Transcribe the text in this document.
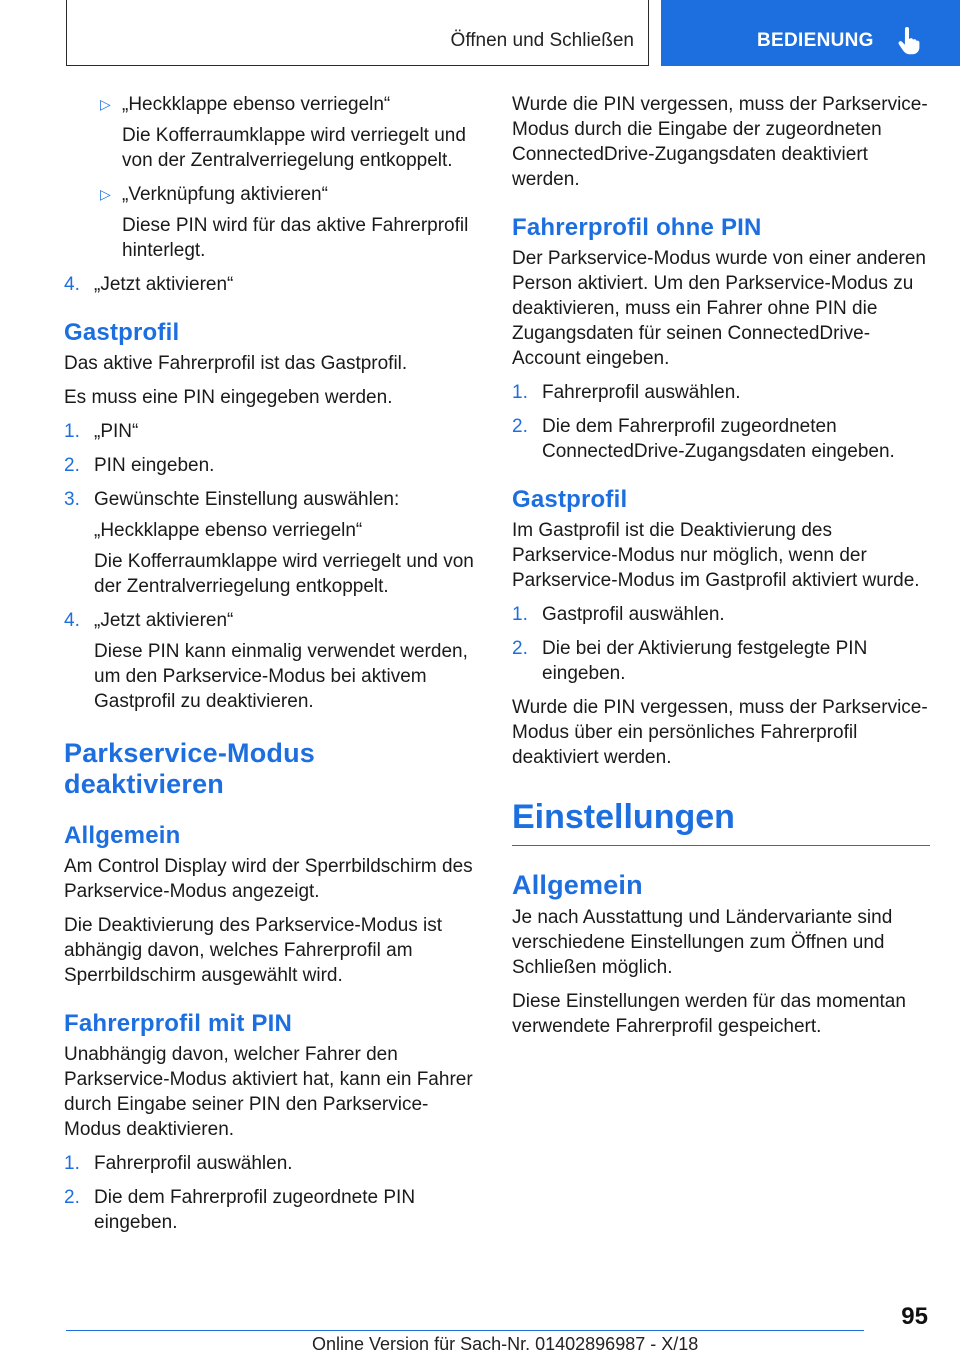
Öffnen und Schließen	BEDIENUNG
▷ „Heckklappe ebenso verriegeln“
Die Kofferraumklappe wird verriegelt und von der Zentralverriegelung entkoppelt.
▷ „Verknüpfung aktivieren“
Diese PIN wird für das aktive Fahrerprofil hinterlegt.
4. „Jetzt aktivieren“
Gastprofil

Das aktive Fahrerprofil ist das Gastprofil.

Es muss eine PIN eingegeben werden.

1. „PIN“
2. PIN eingeben.
3. Gewünschte Einstellung auswählen:
„Heckklappe ebenso verriegeln“
Die Kofferraumklappe wird verriegelt und von der Zentralverriegelung entkoppelt.
4. „Jetzt aktivieren“
Diese PIN kann einmalig verwendet werden, um den Parkservice-Modus bei aktivem Gastprofil zu deaktivieren.
Parkservice-Modus deaktivieren
Allgemein

Am Control Display wird der Sperrbildschirm des Parkservice-Modus angezeigt.

Die Deaktivierung des Parkservice-Modus ist abhängig davon, welches Fahrerprofil am Sperrbildschirm ausgewählt wird.

Fahrerprofil mit PIN

Unabhängig davon, welcher Fahrer den Parkservice-Modus aktiviert hat, kann ein Fahrer durch Eingabe seiner PIN den Parkservice-Modus deaktivieren.

1. Fahrerprofil auswählen.
2. Die dem Fahrerprofil zugeordnete PIN eingeben.

Wurde die PIN vergessen, muss der Parkservice-Modus durch die Eingabe der zugeordneten ConnectedDrive-Zugangsdaten deaktiviert werden.

Fahrerprofil ohne PIN

Der Parkservice-Modus wurde von einer anderen Person aktiviert. Um den Parkservice-Modus zu deaktivieren, muss ein Fahrer ohne PIN die Zugangsdaten für seinen ConnectedDrive-Account eingeben.

1. Fahrerprofil auswählen.
2. Die dem Fahrerprofil zugeordneten ConnectedDrive-Zugangsdaten eingeben.
Gastprofil

Im Gastprofil ist die Deaktivierung des Parkservice-Modus nur möglich, wenn der Parkservice-Modus im Gastprofil aktiviert wurde.

1. Gastprofil auswählen.
2. Die bei der Aktivierung festgelegte PIN eingeben.

Wurde die PIN vergessen, muss der Parkservice-Modus über ein persönliches Fahrerprofil deaktiviert werden.

Einstellungen
Allgemein

Je nach Ausstattung und Ländervariante sind verschiedene Einstellungen zum Öffnen und Schließen möglich.

Diese Einstellungen werden für das momentan verwendete Fahrerprofil gespeichert.

95
Online Version für Sach-Nr. 01402896987 - X/18
